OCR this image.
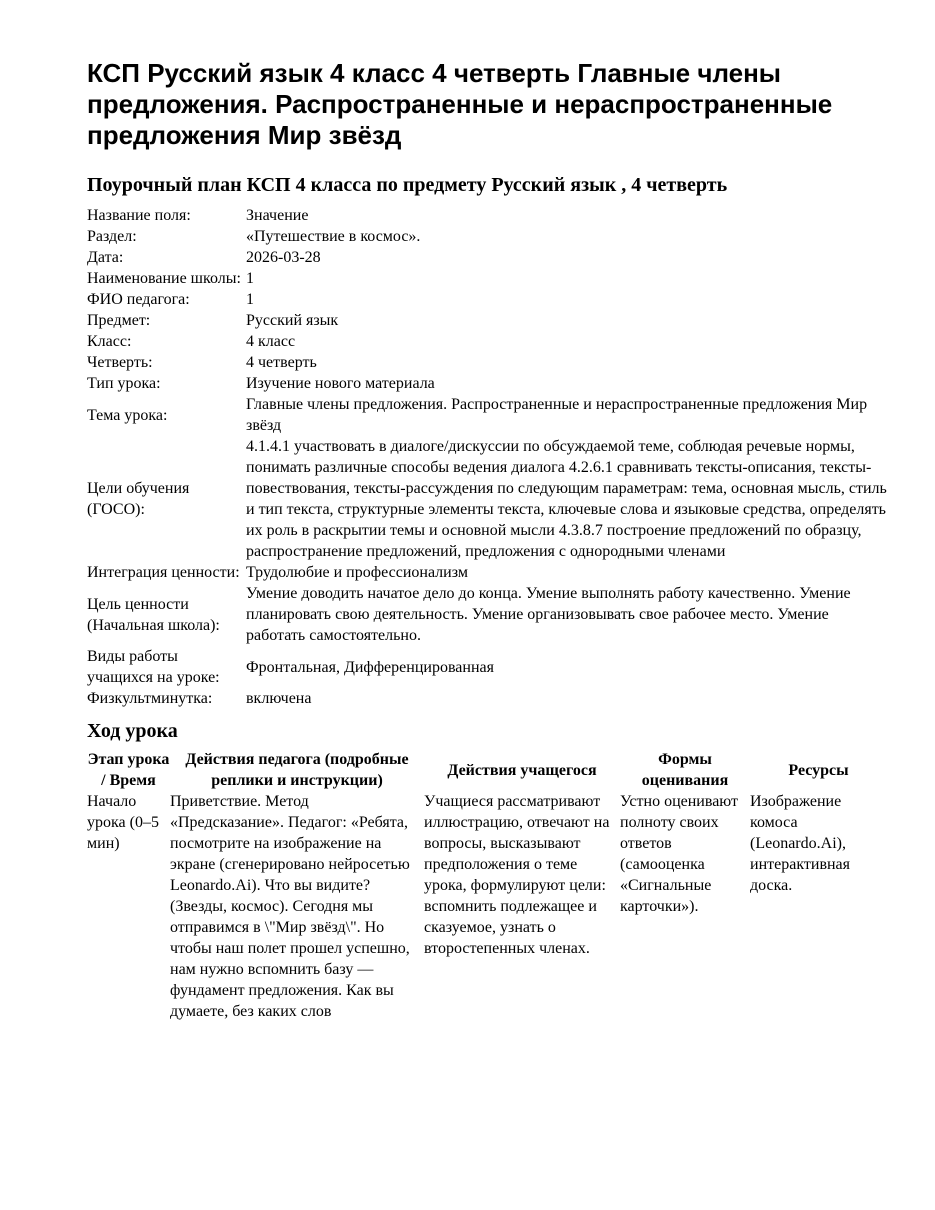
КСП Русский язык 4 класс 4 четверть Главные члены предложения. Распространенные и нераспространенные предложения Мир звёзд
Поурочный план КСП 4 класса по предмету Русский язык , 4 четверть
Название поля:	Значение
Раздел:	«Путешествие в космос».
Дата:	2026-03-28
Наименование школы:	1
ФИО педагога:	1
Предмет:	Русский язык
Класс:	4 класс
Четверть:	4 четверть
Тип урока:	Изучение нового материала
Тема урока:	Главные члены предложения. Распространенные и нераспространенные предложения Мир звёзд
Цели обучения (ГОСО):	4.1.4.1 участвовать в диалоге/дискуссии по обсуждаемой теме, соблюдая речевые нормы, понимать различные способы ведения диалога 4.2.6.1 сравнивать тексты-описания, тексты-повествования, тексты-рассуждения по следующим параметрам: тема, основная мысль, стиль и тип текста, структурные элементы текста, ключевые слова и языковые средства, определять их роль в раскрытии темы и основной мысли 4.3.8.7 построение предложений по образцу, распространение предложений, предложения с однородными членами
Интеграция ценности:	Трудолюбие и профессионализм
Цель ценности (Начальная школа):	Умение доводить начатое дело до конца. Умение выполнять работу качественно. Умение планировать свою деятельность. Умение организовывать свое рабочее место. Умение работать самостоятельно.
Виды работы учащихся на уроке:	Фронтальная, Дифференцированная
Физкультминутка:	включена
Ход урока
Этап урока / Время	Действия педагога (подробные реплики и инструкции)	Действия учащегося	Формы оценивания	Ресурсы
Начало урока (0–5 мин)	Приветствие. Метод «Предсказание». Педагог: «Ребята, посмотрите на изображение на экране (сгенерировано нейросетью Leonardo.Ai). Что вы видите? (Звезды, космос). Сегодня мы отправимся в \"Мир звёзд\". Но чтобы наш полет прошел успешно, нам нужно вспомнить базу — фундамент предложения. Как вы думаете, без каких слов	Учащиеся рассматривают иллюстрацию, отвечают на вопросы, высказывают предположения о теме урока, формулируют цели: вспомнить подлежащее и сказуемое, узнать о второстепенных членах.	Устно оценивают полноту своих ответов (самооценка «Сигнальные карточки»).	Изображение комоса (Leonardo.Ai), интерактивная доска.
